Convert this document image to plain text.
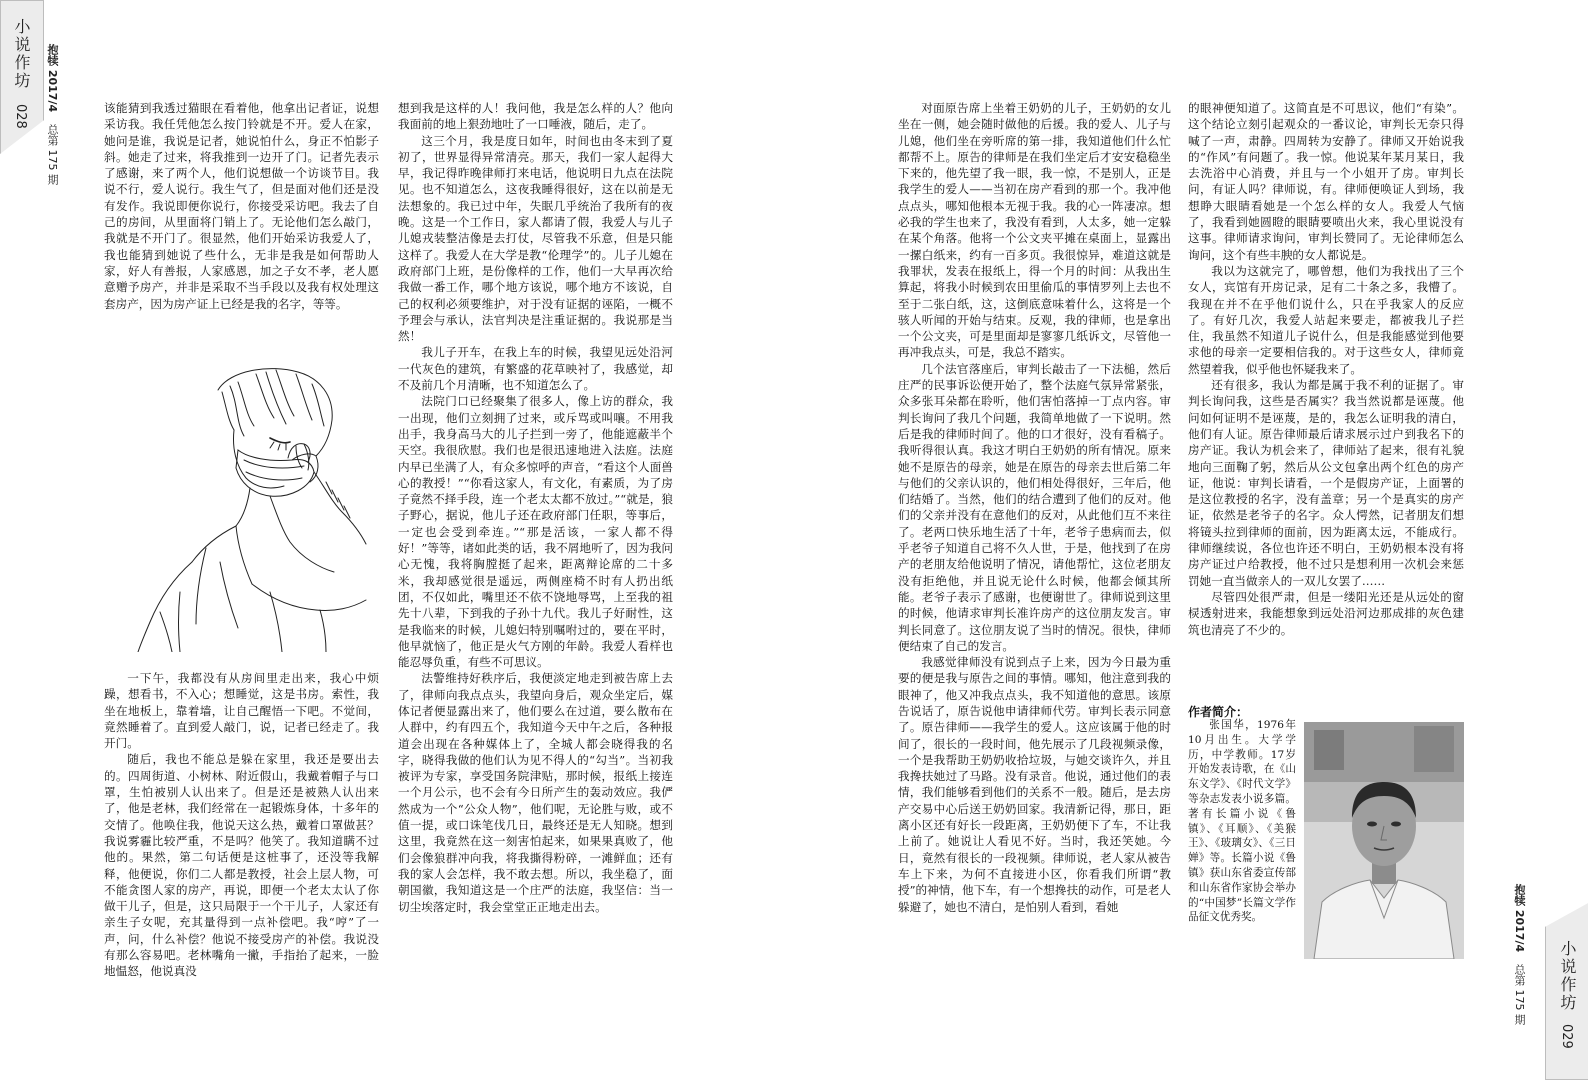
小说作坊
028
抱犊 2017/4
总第 175 期

该能猜到我透过猫眼在看着他，他拿出记者证，说想采访我。我任凭他怎么按门铃就是不开。爱人在家，她问是谁，我说是记者，她说怕什么，身正不怕影子斜。她走了过来，将我推到一边开了门。记者先表示了感谢，来了两个人，他们说想做一个访谈节目。我说不行，爱人说行。我生气了，但是面对他们还是没有发作。我说即便你说行，你接受采访吧。我去了自己的房间，从里面将门销上了。无论他们怎么敲门，我就是不开门了。很显然，他们开始采访我爱人了，我也能猜到她说了些什么，无非是我是如何帮助人家，好人有善报，人家感恩，加之子女不孝，老人愿意赠予房产，并非是采取不当手段以及我有权处理这套房产，因为房产证上已经是我的名字，等等。

一下午，我都没有从房间里走出来，我心中烦躁，想看书，不入心；想睡觉，这是书房。索性，我坐在地板上，靠着墙，让自己醒悟一下吧。不觉间，竟然睡着了。直到爱人敲门，说，记者已经走了。我开门。

随后，我也不能总是躲在家里，我还是要出去的。四周街道、小树林、附近假山，我戴着帽子与口罩，生怕被别人认出来了。但是还是被熟人认出来了，他是老林，我们经常在一起锻炼身体，十多年的交情了。他唤住我，他说天这么热，戴着口罩做甚？我说雾霾比较严重，不是吗？他笑了。我知道瞒不过他的。果然，第二句话便是这桩事了，还没等我解释，他便说，你们二人都是教授，社会上层人物，可不能贪图人家的房产，再说，即便一个老太太认了你做干儿子，但是，这只局限于一个干儿子，人家还有亲生子女呢，充其量得到一点补偿吧。我“哼”了一声，问，什么补偿？他说不接受房产的补偿。我说没有那么容易吧。老林嘴角一撇，手指抬了起来，一脸地愠怒，他说真没

想到我是这样的人！我问他，我是怎么样的人？他向我面前的地上狠劲地吐了一口唾液，随后，走了。

这三个月，我是度日如年，时间也由冬末到了夏初了，世界显得异常清亮。那天，我们一家人起得大早，我记得昨晚律师打来电话，他说明日九点在法院见。也不知道怎么，这夜我睡得很好，这在以前是无法想象的。我已过中年，失眠几乎统治了我所有的夜晚。这是一个工作日，家人都请了假，我爱人与儿子儿媳戎装整洁像是去打仗，尽管我不乐意，但是只能这样了。我爱人在大学是教“伦理学”的。儿子儿媳在政府部门上班，是份像样的工作，他们一大早再次给我做一番工作，哪个地方该说，哪个地方不该说，自己的权利必须要维护，对于没有证据的诬陷，一概不予理会与承认，法官判决是注重证据的。我说那是当然！

我儿子开车，在我上车的时候，我望见远处沿河一代灰色的建筑，有繁盛的花草映衬了，我感觉，却不及前几个月清晰，也不知道怎么了。

法院门口已经聚集了很多人，像上访的群众，我一出现，他们立刻拥了过来，或斥骂或叫嚷。不用我出手，我身高马大的儿子拦到一旁了，他能遮蔽半个天空。我很欣慰。我们也是很迅速地进入法庭。法庭内早已坐满了人，有众多惊呼的声音，“看这个人面兽心的教授！”“你看这家人，有文化，有素质，为了房子竟然不择手段，连一个老太太都不放过。”“就是，狼子野心，据说，他儿子还在政府部门任职，等事后，一定也会受到牵连。”“那是活该，一家人都不得好！”等等，诸如此类的话，我不屑地听了，因为我问心无愧，我将胸膛挺了起来，距离辩论席的二十多米，我却感觉很是遥远，两侧座椅不时有人扔出纸团，不仅如此，嘴里还不依不饶地辱骂，上至我的祖先十八辈，下到我的子孙十九代。我儿子好耐性，这是我临来的时候，儿媳妇特别嘱咐过的，要在平时，他早就恼了，他正是火气方刚的年龄。我爱人看样也能忍辱负重，有些不可思议。

法警维持好秩序后，我便淡定地走到被告席上去了，律师向我点点头，我望向身后，观众坐定后，媒体记者便显露出来了，他们要么在过道，要么散布在人群中，约有四五个，我知道今天中午之后，各种报道会出现在各种媒体上了，全城人都会晓得我的名字，晓得我做的他们认为见不得人的“勾当”。当初我被评为专家，享受国务院津贴，那时候，报纸上接连一个月公示，也不会有今日所产生的轰动效应。我俨然成为一个“公众人物”，他们呢，无论胜与败，或不值一提，或口诛笔伐几日，最终还是无人知晓。想到这里，我竟然在这一刻害怕起来，如果果真败了，他们会像狼群冲向我，将我撕得粉碎，一滩鲜血；还有我的家人会怎样，我不敢去想。所以，我坐稳了，面朝国徽，我知道这是一个庄严的法庭，我坚信：当一切尘埃落定时，我会堂堂正正地走出去。

对面原告席上坐着王奶奶的儿子，王奶奶的女儿坐在一侧，她会随时做他的后援。我的爱人、儿子与儿媳，他们坐在旁听席的第一排，我知道他们什么忙都帮不上。原告的律师是在我们坐定后才安安稳稳坐下来的，他先望了我一眼，我一惊，不是别人，正是我学生的爱人——当初在房产看到的那一个。我冲他点点头，哪知他根本无视于我。我的心一阵凄凉。想必我的学生也来了，我没有看到，人太多，她一定躲在某个角落。他将一个公文夹平摊在桌面上，显露出一摞白纸来，约有一百多页。我很惊异，难道这就是我罪状，发表在报纸上，得一个月的时间：从我出生算起，将我小时候到农田里偷瓜的事情罗列上去也不至于二张白纸，这，这倒底意味着什么，这将是一个骇人听闻的开始与结束。反观，我的律师，也是拿出一个公文夹，可是里面却是寥寥几纸诉文，尽管他一再冲我点头，可是，我总不踏实。

几个法官落座后，审判长敲击了一下法槌，然后庄严的民事诉讼便开始了，整个法庭气氛异常紧张，众多张耳朵都在聆听，他们害怕落掉一丁点内容。审判长询问了我几个问题，我简单地做了一下说明。然后是我的律师时间了。他的口才很好，没有看稿子。我听得很认真。我这才明白王奶奶的所有情况。原来她不是原告的母亲，她是在原告的母亲去世后第二年与他们的父亲认识的，他们相处得很好，三年后，他们结婚了。当然，他们的结合遭到了他们的反对。他们的父亲并没有在意他们的反对，从此他们互不来往了。老两口快乐地生活了十年，老爷子患病而去，似乎老爷子知道自己将不久人世，于是，他找到了在房产的老朋友给他说明了情况，请他帮忙，这位老朋友没有拒绝他，并且说无论什么时候，他都会倾其所能。老爷子表示了感谢，也便谢世了。律师说到这里的时候，他请求审判长准许房产的这位朋友发言。审判长同意了。这位朋友说了当时的情况。很快，律师便结束了自己的发言。

我感觉律师没有说到点子上来，因为今日最为重要的便是我与原告之间的事情。哪知，他注意到我的眼神了，他又冲我点点头，我不知道他的意思。该原告说话了，原告说他申请律师代劳。审判长表示同意了。原告律师——我学生的爱人。这应该属于他的时间了，很长的一段时间，他先展示了几段视频录像，一个是我帮助王奶奶收拾垃圾，与她交谈许久，并且我搀扶她过了马路。没有录音。他说，通过他们的表情，我们能够看到他们的关系不一般。随后，是去房产交易中心后送王奶奶回家。我清新记得，那日，距离小区还有好长一段距离，王奶奶便下了车，不让我上前了。她说让人看见不好。当时，我还笑她。今日，竟然有很长的一段视频。律师说，老人家从被告车上下来，为何不直接进小区，你看我们所谓“教授”的神情，他下车，有一个想搀扶的动作，可是老人躲避了，她也不清白，是怕别人看到，看她

的眼神便知道了。这简直是不可思议，他们“有染”。这个结论立刻引起观众的一番议论，审判长无奈只得喊了一声，肃静。四周转为安静了。律师又开始说我的“作风”有问题了。我一惊。他说某年某月某日，我去洗浴中心消费，并且与一个小姐开了房。审判长问，有证人吗？律师说，有。律师便唤证人到场，我想睁大眼睛看她是一个怎么样的女人。我爱人气恼了，我看到她圆瞪的眼睛要喷出火来，我心里说没有这事。律师请求询问，审判长赞同了。无论律师怎么询问，这个有些丰腴的女人都说是。

我以为这就完了，哪曾想，他们为我找出了三个女人，宾馆有开房记录，足有二十条之多，我懵了。我现在并不在乎他们说什么，只在乎我家人的反应了。有好几次，我爱人站起来要走，都被我儿子拦住，我虽然不知道儿子说什么，但是我能感觉到他要求他的母亲一定要相信我的。对于这些女人，律师竟然望着我，似乎他也怀疑我来了。

还有很多，我认为都是属于我不利的证据了。审判长询问我，这些是否属实？我当然说都是诬蔑。他问如何证明不是诬蔑，是的，我怎么证明我的清白，他们有人证。原告律师最后请求展示过户到我名下的房产证。我认为机会来了，律师站了起来，很有礼貌地向三面鞠了躬，然后从公文包拿出两个红色的房产证，他说：审判长请看，一个是假房产证，上面署的是这位教授的名字，没有盖章；另一个是真实的房产证，依然是老爷子的名字。众人愕然，记者朋友们想将镜头拉到律师的面前，因为距离太远，不能成行。律师继续说，各位也许还不明白，王奶奶根本没有将房产证过户给教授，他不过只是想利用一次机会来惩罚她一直当做亲人的一双儿女罢了……

尽管四处很严肃，但是一缕阳光还是从远处的窗棂透射进来，我能想象到远处沿河边那成排的灰色建筑也清亮了不少的。

作者简介：

张国华，1976年10月出生。大学学历，中学教师。17岁开始发表诗歌，在《山东文学》、《时代文学》等杂志发表小说多篇。著有长篇小说《鲁镇》、《耳顺》、《美猴王》、《玻璃女》、《三日婵》等。长篇小说《鲁镇》获山东省委宣传部和山东省作家协会举办的“中国梦”长篇文学作品征文优秀奖。	抱犊 2017/4
总第 175 期 小说作坊
029
